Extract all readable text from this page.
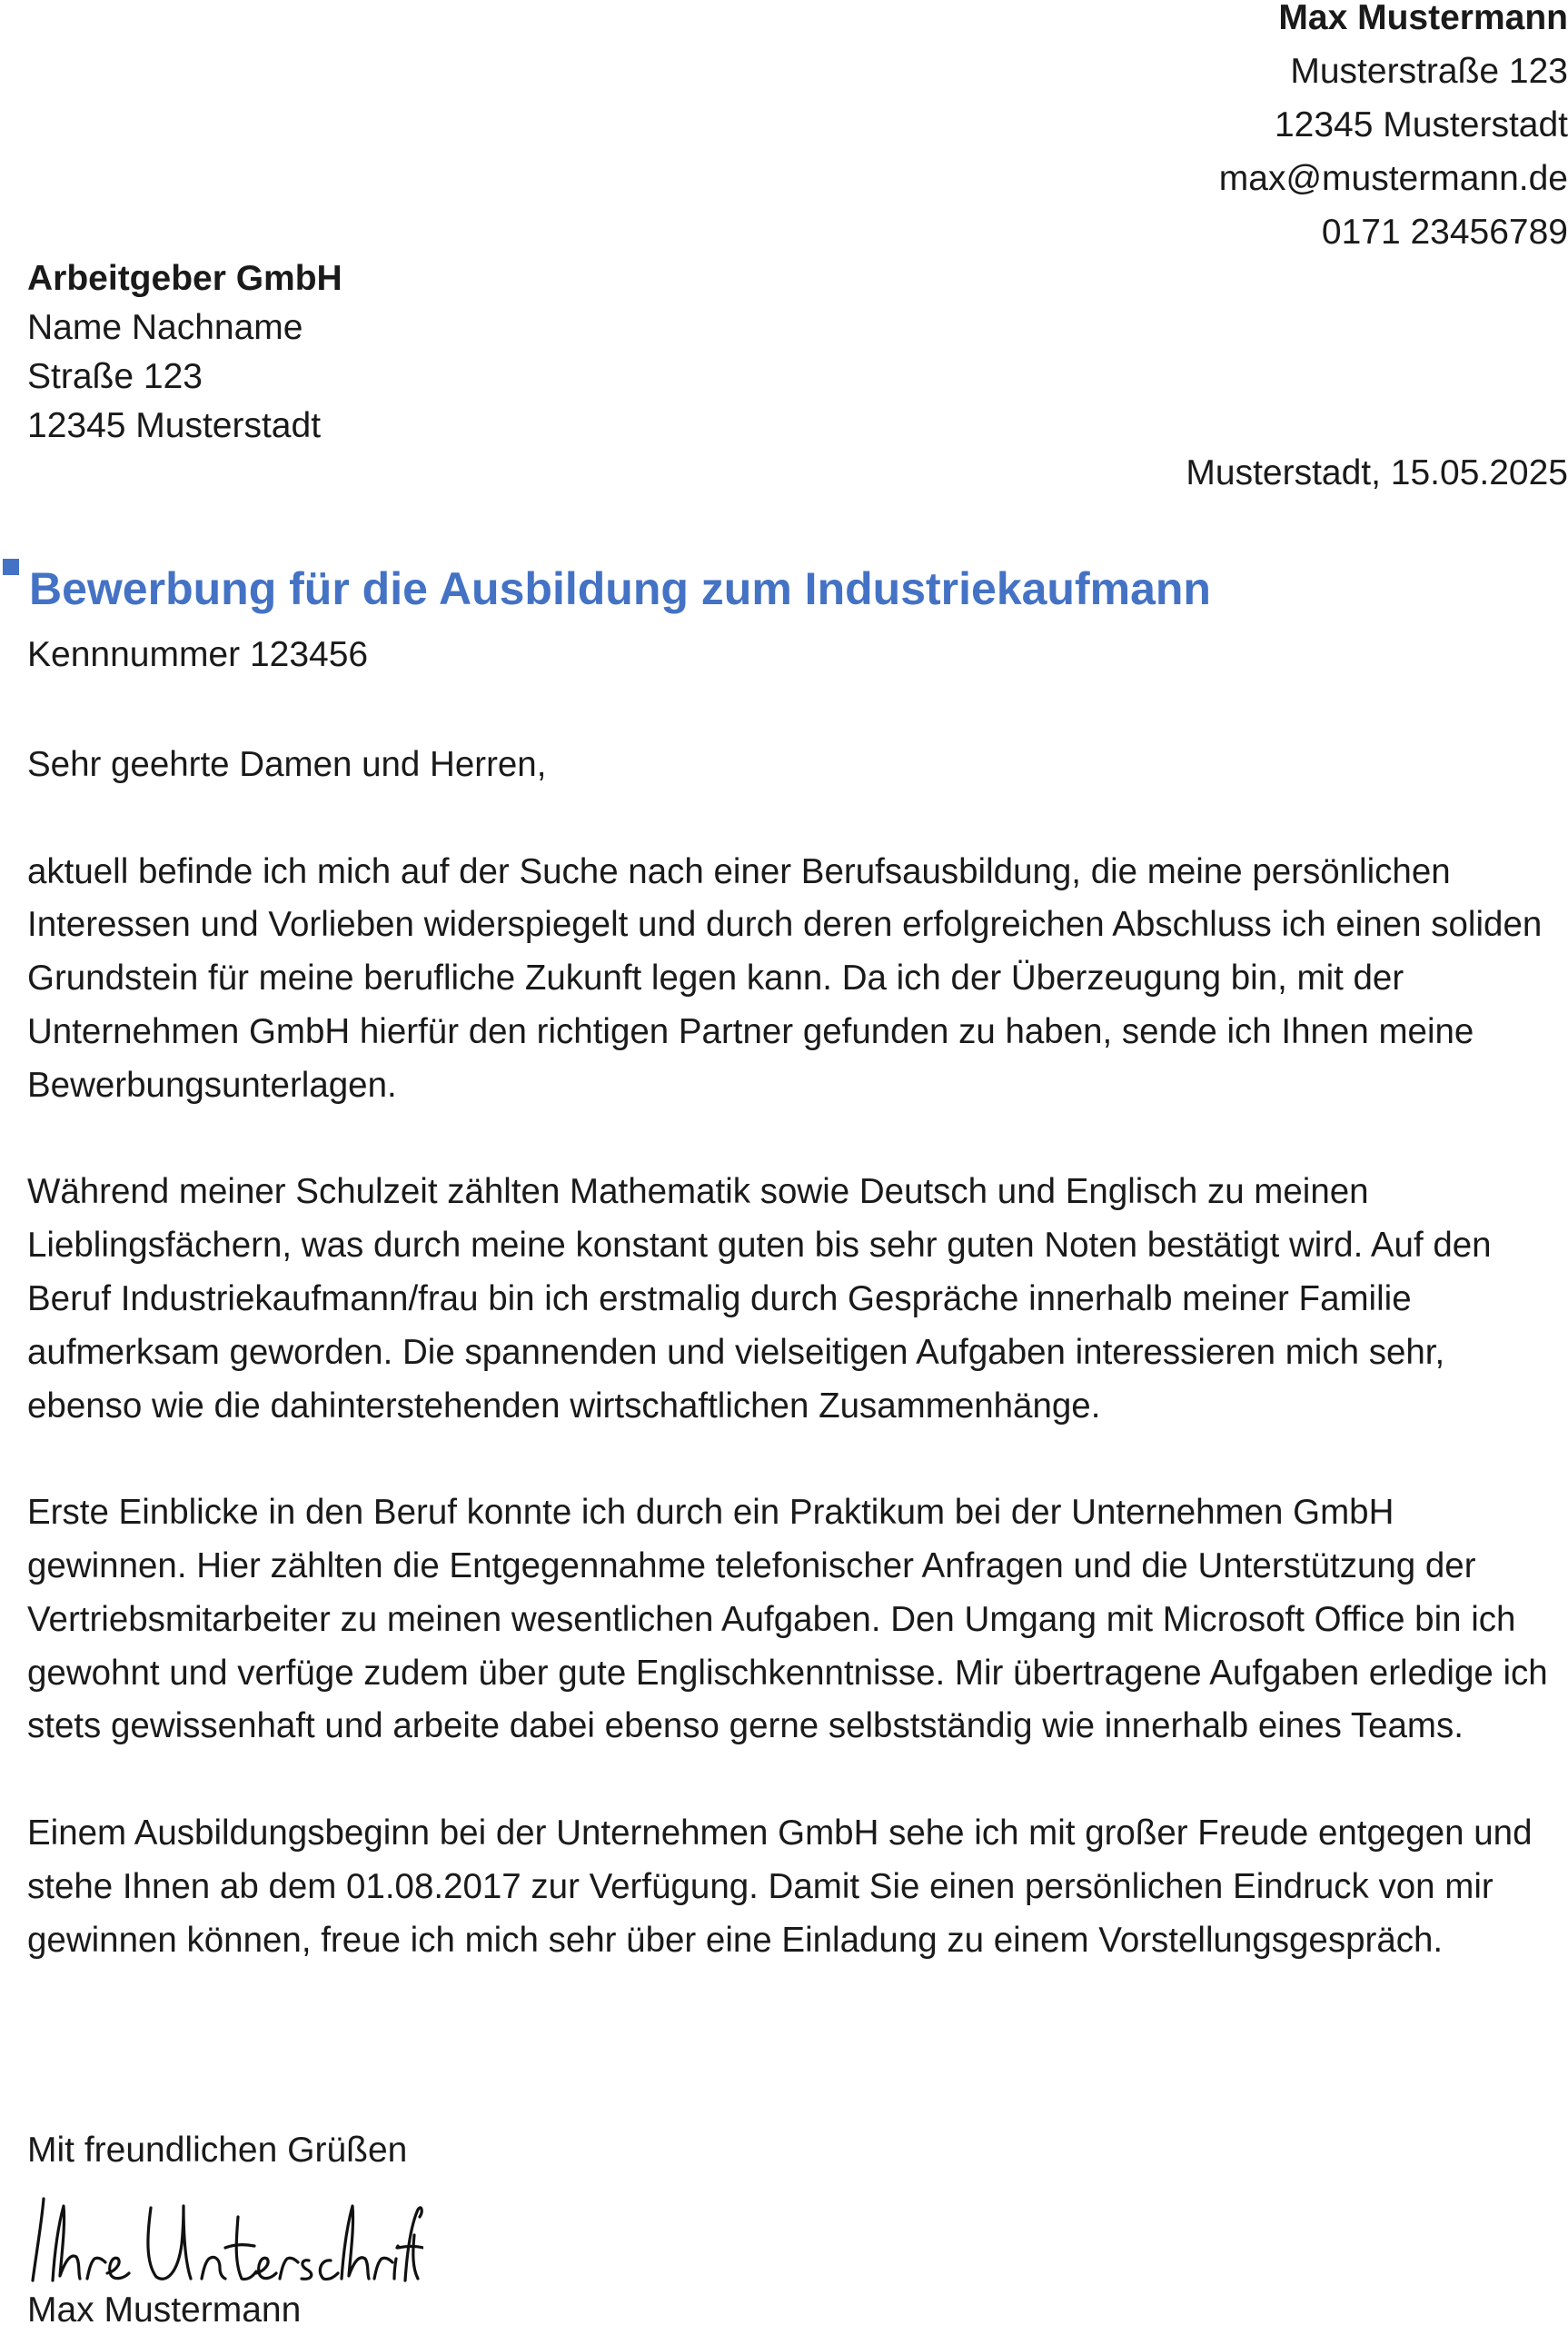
Max Mustermann
Musterstraße 123
12345 Musterstadt
max@mustermann.de
0171 23456789
Arbeitgeber GmbH
Name Nachname
Straße 123
12345 Musterstadt
Musterstadt, 15.05.2025
Bewerbung für die Ausbildung zum Industriekaufmann
Kennnummer 123456

Sehr geehrte Damen und Herren,

aktuell befinde ich mich auf der Suche nach einer Berufsausbildung, die meine persönlichen Interessen und Vorlieben widerspiegelt und durch deren erfolgreichen Abschluss ich einen soliden Grundstein für meine berufliche Zukunft legen kann. Da ich der Überzeugung bin, mit der Unternehmen GmbH hierfür den richtigen Partner gefunden zu haben, sende ich Ihnen meine Bewerbungsunterlagen.

Während meiner Schulzeit zählten Mathematik sowie Deutsch und Englisch zu meinen Lieblingsfächern, was durch meine konstant guten bis sehr guten Noten bestätigt wird. Auf den Beruf Industriekaufmann/frau bin ich erstmalig durch Gespräche innerhalb meiner Familie aufmerksam geworden. Die spannenden und vielseitigen Aufgaben interessieren mich sehr, ebenso wie die dahinterstehenden wirtschaftlichen Zusammenhänge.

Erste Einblicke in den Beruf konnte ich durch ein Praktikum bei der Unternehmen GmbH gewinnen. Hier zählten die Entgegennahme telefonischer Anfragen und die Unterstützung der Vertriebsmitarbeiter zu meinen wesentlichen Aufgaben. Den Umgang mit Microsoft Office bin ich gewohnt und verfüge zudem über gute Englischkenntnisse. Mir übertragene Aufgaben erledige ich stets gewissenhaft und arbeite dabei ebenso gerne selbstständig wie innerhalb eines Teams.

Einem Ausbildungsbeginn bei der Unternehmen GmbH sehe ich mit großer Freude entgegen und stehe Ihnen ab dem 01.08.2017 zur Verfügung. Damit Sie einen persönlichen Eindruck von mir gewinnen können, freue ich mich sehr über eine Einladung zu einem Vorstellungsgespräch.

Mit freundlichen Grüßen
Max Mustermann
